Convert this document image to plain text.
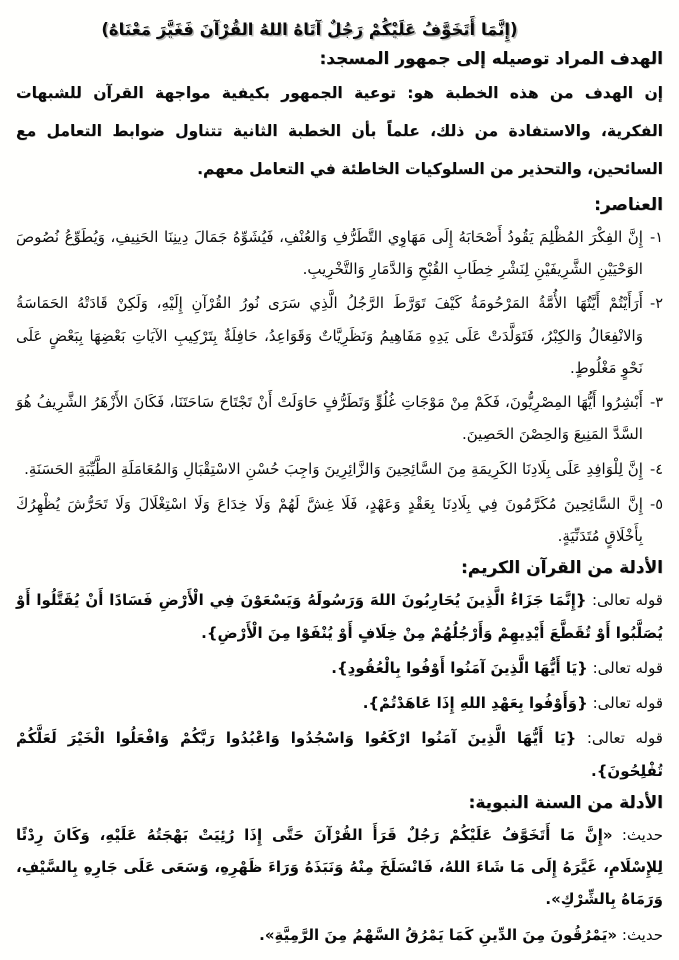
(إِنَّمَا أَتَخَوَّفُ عَلَيْكُمْ رَجُلٌ آتَاهُ اللهُ القُرْآنَ فَغَيَّرَ مَعْنَاهُ)
الهدف المراد توصيله إلى جمهور المسجد:

إن الهدف من هذه الخطبة هو: توعية الجمهور بكيفية مواجهة القرآن للشبهات الفكرية، والاستفادة من ذلك، علماً بأن الخطبة الثانية تتناول ضوابط التعامل مع السائحين، والتحذير من السلوكيات الخاطئة في التعامل معهم.

العناصر:
١-
إِنَّ الفِكْرَ المُظْلِمَ يَقُودُ أَصْحَابَهُ إِلَى مَهَاوِي التَّطَرُّفِ وَالعُنْفِ، فَيُشَوِّهُ جَمَالَ دِينِنَا الحَنِيفِ، وَيُطَوِّعُ نُصُوصَ الوَحْيَيْنِ الشَّرِيفَيْنِ لِنَشْرِ خِطَابِ القُبْحِ وَالدَّمَارِ وَالتَّخْرِيبِ.
٢-
أَرَأَيْتُمْ أَيَّتُهَا الأُمَّةُ المَرْحُومَةُ كَيْفَ تَوَرَّطَ الرَّجُلُ الَّذِي سَرَى نُورُ القُرْآنِ إِلَيْهِ، وَلَكِنْ قَادَتْهُ الحَمَاسَةُ وَالانْفِعَالُ وَالكِبْرُ، فَتَوَلَّدَتْ عَلَى يَدِهِ مَفَاهِيمُ وَنَظَرِيَّاتٌ وَقَوَاعِدُ، حَافِلَةٌ بِتَرْكِيبِ الآيَاتِ بَعْضِهَا بِبَعْضٍ عَلَى نَحْوٍ مَغْلُوطٍ.
٣-
أَبْشِرُوا أَيُّهَا المِصْرِيُّونَ، فَكَمْ مِنْ مَوْجَاتِ غُلُوٍّ وَتَطَرُّفٍ حَاوَلَتْ أَنْ تَجْتَاحَ سَاحَتَنَا، فَكَانَ الأَزْهَرُ الشَّرِيفُ هُوَ السَّدَّ المَنِيعَ وَالحِصْنَ الحَصِينَ.
٤-
إِنَّ لِلْوَافِدِ عَلَى بِلَادِنَا الكَرِيمَةِ مِنَ السَّائِحِينَ وَالزَّائِرِينَ وَاجِبَ حُسْنِ الاسْتِقْبَالِ وَالمُعَامَلَةِ الطَّيِّبَةِ الحَسَنَةِ.
٥-
إِنَّ السَّائِحِينَ مُكَرَّمُونَ فِي بِلَادِنَا بِعَقْدٍ وَعَهْدٍ، فَلَا غِشَّ لَهُمْ وَلَا خِدَاعَ وَلَا اسْتِغْلَالَ وَلَا تَحَرُّشَ يُظْهِرُكَ بِأَخْلَاقٍ مُتَدَنِّيَةٍ.
الأدلة من القرآن الكريم:

قوله تعالى: {إِنَّمَا جَزَاءُ الَّذِينَ يُحَارِبُونَ اللهَ وَرَسُولَهُ وَيَسْعَوْنَ فِي الْأَرْضِ فَسَادًا أَنْ يُقَتَّلُوا أَوْ يُصَلَّبُوا أَوْ تُقَطَّعَ أَيْدِيهِمْ وَأَرْجُلُهُمْ مِنْ خِلَافٍ أَوْ يُنْفَوْا مِنَ الْأَرْضِ}.

قوله تعالى: {يَا أَيُّهَا الَّذِينَ آمَنُوا أَوْفُوا بِالْعُقُودِ}.

قوله تعالى: {وَأَوْفُوا بِعَهْدِ اللهِ إِذَا عَاهَدْتُمْ}.

قوله تعالى: {يَا أَيُّهَا الَّذِينَ آمَنُوا ارْكَعُوا وَاسْجُدُوا وَاعْبُدُوا رَبَّكُمْ وَافْعَلُوا الْخَيْرَ لَعَلَّكُمْ تُفْلِحُونَ}.

الأدلة من السنة النبوية:

حديث: «إِنَّ مَا أَتَخَوَّفُ عَلَيْكُمْ رَجُلٌ قَرَأَ القُرْآنَ حَتَّى إِذَا رُئِيَتْ بَهْجَتُهُ عَلَيْهِ، وَكَانَ رِدْئًا لِلإِسْلَامِ، غَيَّرَهُ إِلَى مَا شَاءَ اللهُ، فَانْسَلَخَ مِنْهُ وَنَبَذَهُ وَرَاءَ ظَهْرِهِ، وَسَعَى عَلَى جَارِهِ بِالسَّيْفِ، وَرَمَاهُ بِالشِّرْكِ».

حديث: «يَمْرُقُونَ مِنَ الدِّينِ كَمَا يَمْرُقُ السَّهْمُ مِنَ الرَّمِيَّةِ».
